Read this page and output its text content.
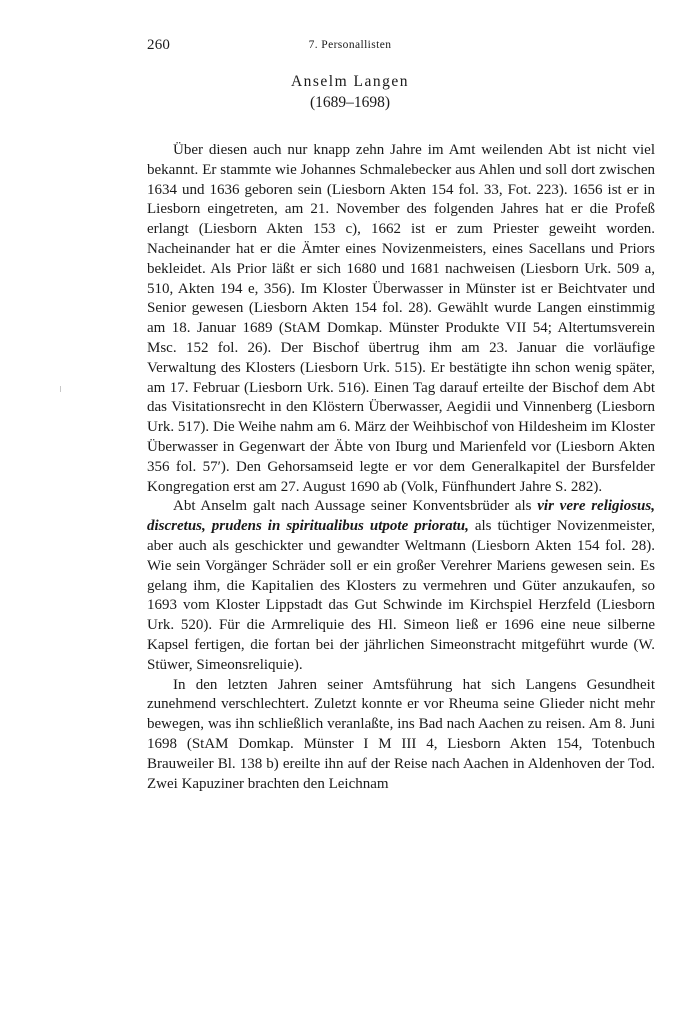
260	7. Personallisten
Anselm Langen
(1689–1698)

Über diesen auch nur knapp zehn Jahre im Amt weilenden Abt ist nicht viel bekannt. Er stammte wie Johannes Schmalebecker aus Ahlen und soll dort zwischen 1634 und 1636 geboren sein (Liesborn Akten 154 fol. 33, Fot. 223). 1656 ist er in Liesborn eingetreten, am 21. November des folgenden Jahres hat er die Profeß erlangt (Liesborn Akten 153 c), 1662 ist er zum Priester geweiht worden. Nacheinander hat er die Ämter eines Novizenmeisters, eines Sacellans und Priors bekleidet. Als Prior läßt er sich 1680 und 1681 nachweisen (Liesborn Urk. 509 a, 510, Akten 194 e, 356). Im Kloster Überwasser in Münster ist er Beichtvater und Senior gewesen (Liesborn Akten 154 fol. 28). Gewählt wurde Langen einstimmig am 18. Januar 1689 (StAM Domkap. Münster Produkte VII 54; Altertumsverein Msc. 152 fol. 26). Der Bischof übertrug ihm am 23. Januar die vorläufige Verwaltung des Klosters (Liesborn Urk. 515). Er bestätigte ihn schon wenig später, am 17. Februar (Liesborn Urk. 516). Einen Tag darauf erteilte der Bischof dem Abt das Visitationsrecht in den Klöstern Überwasser, Aegidii und Vinnenberg (Liesborn Urk. 517). Die Weihe nahm am 6. März der Weihbischof von Hildesheim im Kloster Überwasser in Gegenwart der Äbte von Iburg und Marienfeld vor (Liesborn Akten 356 fol. 57′). Den Gehorsamseid legte er vor dem Generalkapitel der Bursfelder Kongregation erst am 27. August 1690 ab (Volk, Fünfhundert Jahre S. 282).

Abt Anselm galt nach Aussage seiner Konventsbrüder als vir vere religiosus, discretus, prudens in spiritualibus utpote prioratu, als tüchtiger Novizenmeister, aber auch als geschickter und gewandter Weltmann (Liesborn Akten 154 fol. 28). Wie sein Vorgänger Schräder soll er ein großer Verehrer Mariens gewesen sein. Es gelang ihm, die Kapitalien des Klosters zu vermehren und Güter anzukaufen, so 1693 vom Kloster Lippstadt das Gut Schwinde im Kirchspiel Herzfeld (Liesborn Urk. 520). Für die Armreliquie des Hl. Simeon ließ er 1696 eine neue silberne Kapsel fertigen, die fortan bei der jährlichen Simeonstracht mitgeführt wurde (W. Stüwer, Simeonsreliquie).

In den letzten Jahren seiner Amtsführung hat sich Langens Gesundheit zunehmend verschlechtert. Zuletzt konnte er vor Rheuma seine Glieder nicht mehr bewegen, was ihn schließlich veranlaßte, ins Bad nach Aachen zu reisen. Am 8. Juni 1698 (StAM Domkap. Münster I M III 4, Liesborn Akten 154, Totenbuch Brauweiler Bl. 138 b) ereilte ihn auf der Reise nach Aachen in Aldenhoven der Tod. Zwei Kapuziner brachten den Leichnam
